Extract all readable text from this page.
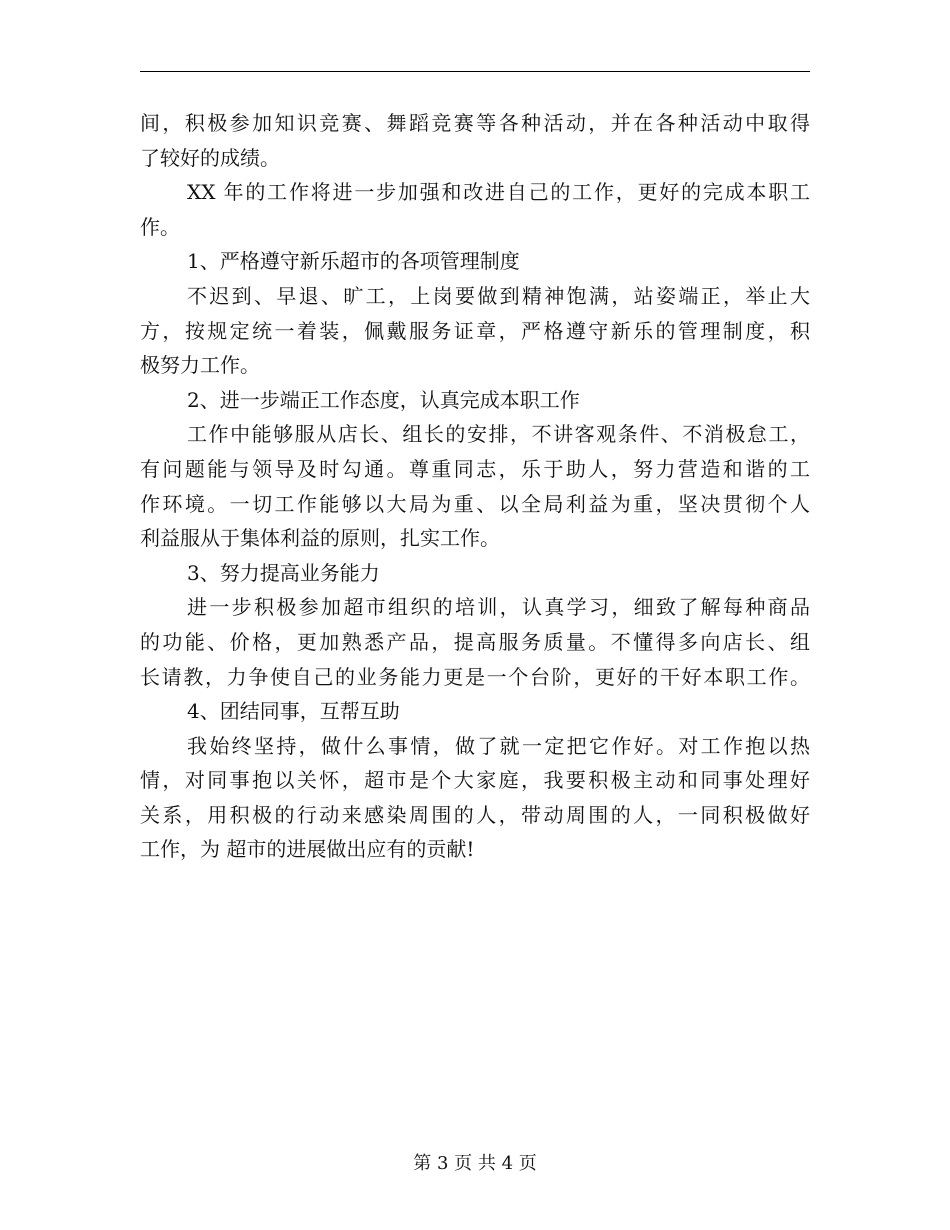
间，积极参加知识竞赛、舞蹈竞赛等各种活动，并在各种活动中取得
了较好的成绩。
XX 年的工作将进一步加强和改进自己的工作，更好的完成本职工
作。
1、严格遵守新乐超市的各项管理制度
不迟到、早退、旷工，上岗要做到精神饱满，站姿端正，举止大
方，按规定统一着装，佩戴服务证章，严格遵守新乐的管理制度，积
极努力工作。
2、进一步端正工作态度，认真完成本职工作
工作中能够服从店长、组长的安排，不讲客观条件、不消极怠工，
有问题能与领导及时勾通。尊重同志，乐于助人，努力营造和谐的工
作环境。一切工作能够以大局为重、以全局利益为重，坚决贯彻个人
利益服从于集体利益的原则，扎实工作。
3、努力提高业务能力
进一步积极参加超市组织的培训，认真学习，细致了解每种商品
的功能、价格，更加熟悉产品，提高服务质量。不懂得多向店长、组
长请教，力争使自己的业务能力更是一个台阶，更好的干好本职工作。
4、团结同事，互帮互助
我始终坚持，做什么事情，做了就一定把它作好。对工作抱以热
情，对同事抱以关怀，超市是个大家庭，我要积极主动和同事处理好
关系，用积极的行动来感染周围的人，带动周围的人，一同积极做好
工作，为 超市的进展做出应有的贡献!
第 3 页 共 4 页
